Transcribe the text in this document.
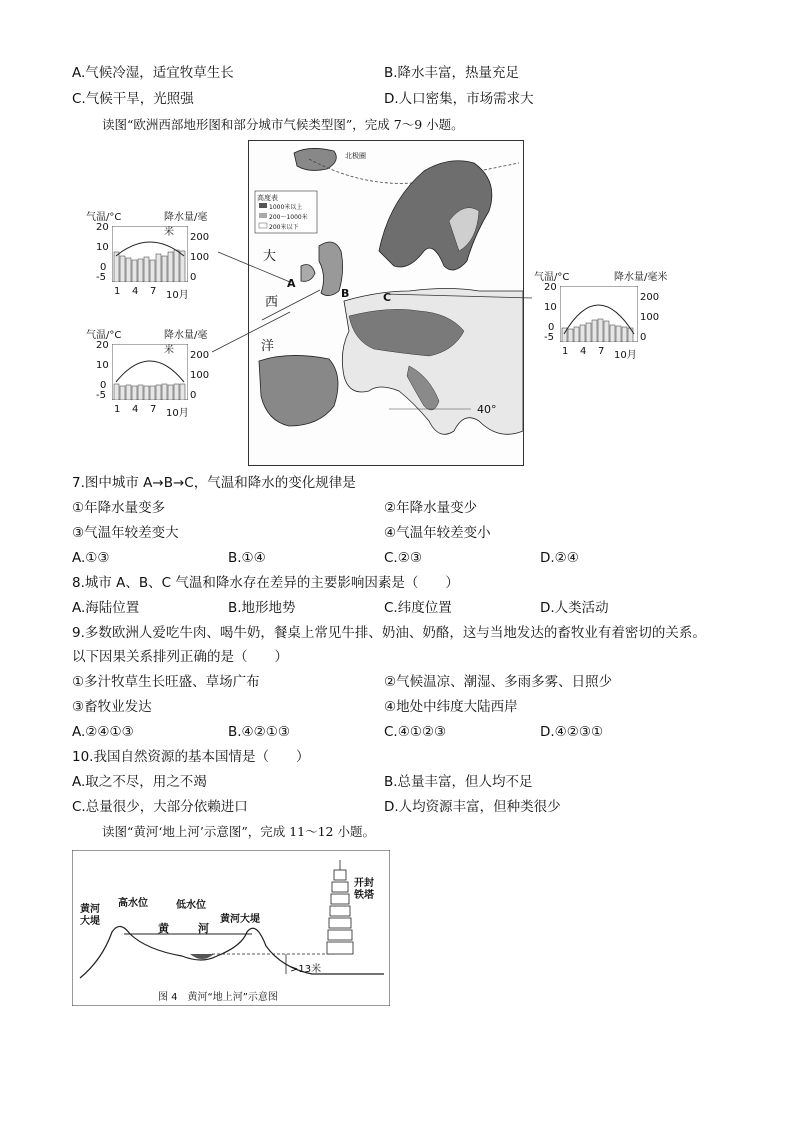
A.气候冷湿，适宜牧草生长	B.降水丰富，热量充足
C.气候干旱，光照强	D.人口密集，市场需求大
读图“欧洲西部地形图和部分城市气候类型图”，完成 7～9 小题。
高度表
1000米以上
200～1000米
200米以下
北极圈
大
西
洋
A
B	C
40°
气温/°C	降水量/毫米
20
10
0
-5
200
100
0
1 4 7 10月
气温/°C	降水量/毫米
20
10
0
-5
200
100
0
1 4 7 10月
气温/°C	降水量/毫米
20
10
0
-5
200
100
0
1 4 7 10月
7.图中城市 A→B→C，气温和降水的变化规律是
①年降水量变多	②年降水量变少
③气温年较差变大	④气温年较差变小
A.①③	B.①④	C.②③	D.②④
8.城市 A、B、C 气温和降水存在差异的主要影响因素是（　　）
A.海陆位置	B.地形地势	C.纬度位置	D.人类活动
9.多数欧洲人爱吃牛肉、喝牛奶，餐桌上常见牛排、奶油、奶酪，这与当地发达的畜牧业有着密切的关系。
以下因果关系排列正确的是（　　）
①多汁牧草生长旺盛、草场广布	②气候温凉、潮湿、多雨多雾、日照少
③畜牧业发达	④地处中纬度大陆西岸
A.②④①③	B.④②①③	C.④①②③	D.④②③①
10.我国自然资源的基本国情是（　　）
A.取之不尽，用之不竭	B.总量丰富，但人均不足
C.总量很少，大部分依赖进口	D.人均资源丰富，但种类很少
读图“黄河‘地上河’示意图”，完成 11～12 小题。
黄河
大堤
高水位	低水位
黄	河
黄河大堤
开封
铁塔
>13米
图 4　黄河“地上河”示意图
